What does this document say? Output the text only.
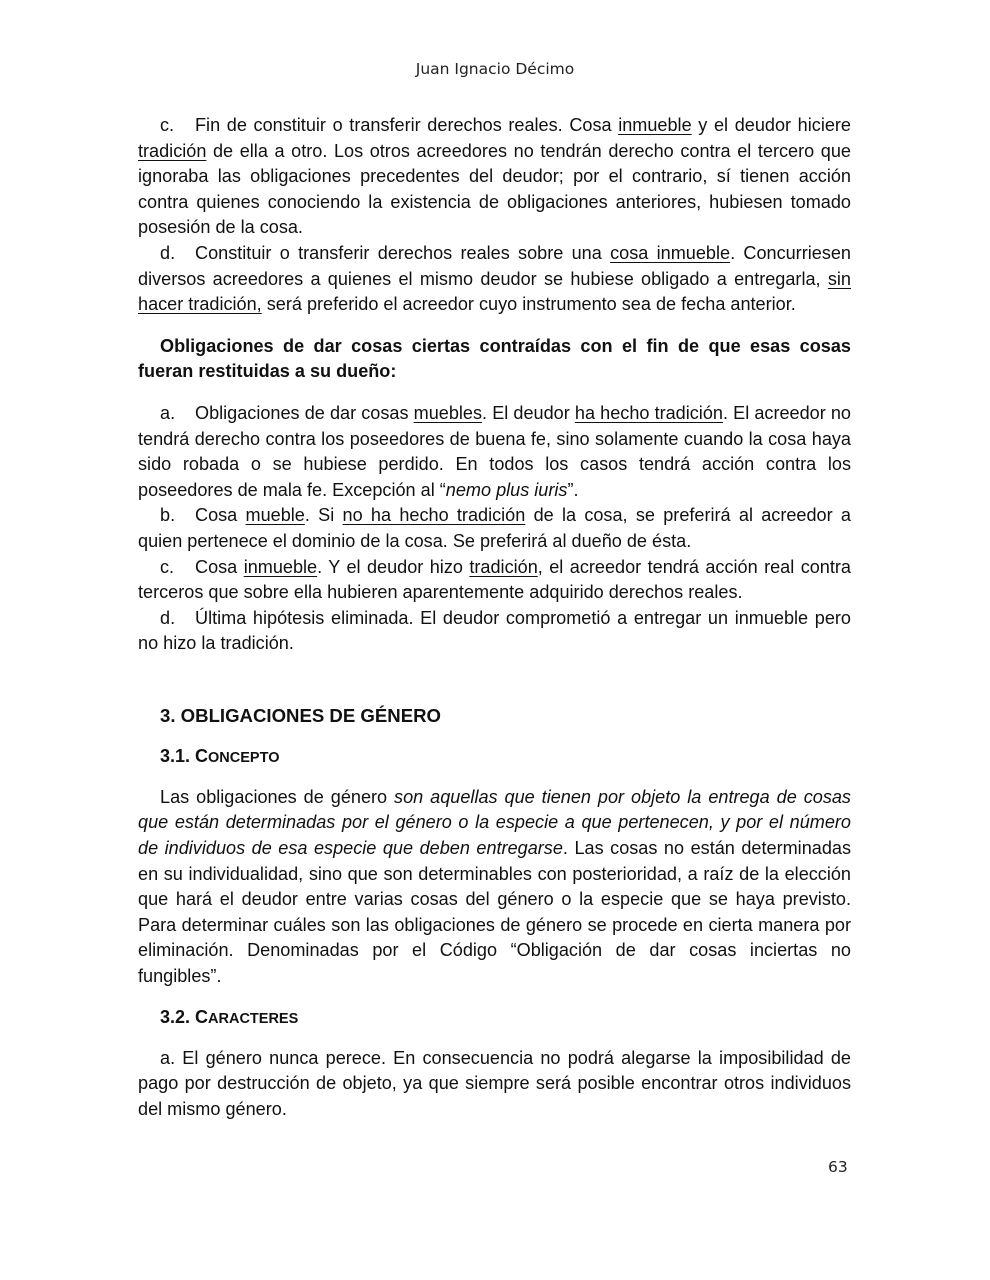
Juan Ignacio Décimo

c. Fin de constituir o transferir derechos reales. Cosa inmueble y el deudor hiciere tradición de ella a otro. Los otros acreedores no tendrán derecho contra el tercero que ignoraba las obligaciones precedentes del deudor; por el contrario, sí tienen acción contra quienes conociendo la existencia de obligaciones anteriores, hubiesen tomado posesión de la cosa.

d. Constituir o transferir derechos reales sobre una cosa inmueble. Concurriesen diversos acreedores a quienes el mismo deudor se hubiese obligado a entregarla, sin hacer tradición, será preferido el acreedor cuyo instrumento sea de fecha anterior.

Obligaciones de dar cosas ciertas contraídas con el fin de que esas cosas fueran restituidas a su dueño:

a. Obligaciones de dar cosas muebles. El deudor ha hecho tradición. El acreedor no tendrá derecho contra los poseedores de buena fe, sino solamente cuando la cosa haya sido robada o se hubiese perdido. En todos los casos tendrá acción contra los poseedores de mala fe. Excepción al “nemo plus iuris”.

b. Cosa mueble. Si no ha hecho tradición de la cosa, se preferirá al acreedor a quien pertenece el dominio de la cosa. Se preferirá al dueño de ésta.

c. Cosa inmueble. Y el deudor hizo tradición, el acreedor tendrá acción real contra terceros que sobre ella hubieren aparentemente adquirido derechos reales.

d. Última hipótesis eliminada. El deudor comprometió a entregar un inmueble pero no hizo la tradición.

3. OBLIGACIONES DE GÉNERO
3.1. CONCEPTO

Las obligaciones de género son aquellas que tienen por objeto la entrega de cosas que están determinadas por el género o la especie a que pertenecen, y por el número de individuos de esa especie que deben entregarse. Las cosas no están determinadas en su individualidad, sino que son determinables con posterioridad, a raíz de la elección que hará el deudor entre varias cosas del género o la especie que se haya previsto. Para determinar cuáles son las obligaciones de género se procede en cierta manera por eliminación. Denominadas por el Código “Obligación de dar cosas inciertas no fungibles”.

3.2. CARACTERES

a. El género nunca perece. En consecuencia no podrá alegarse la imposibilidad de pago por destrucción de objeto, ya que siempre será posible encontrar otros individuos del mismo género.

63
